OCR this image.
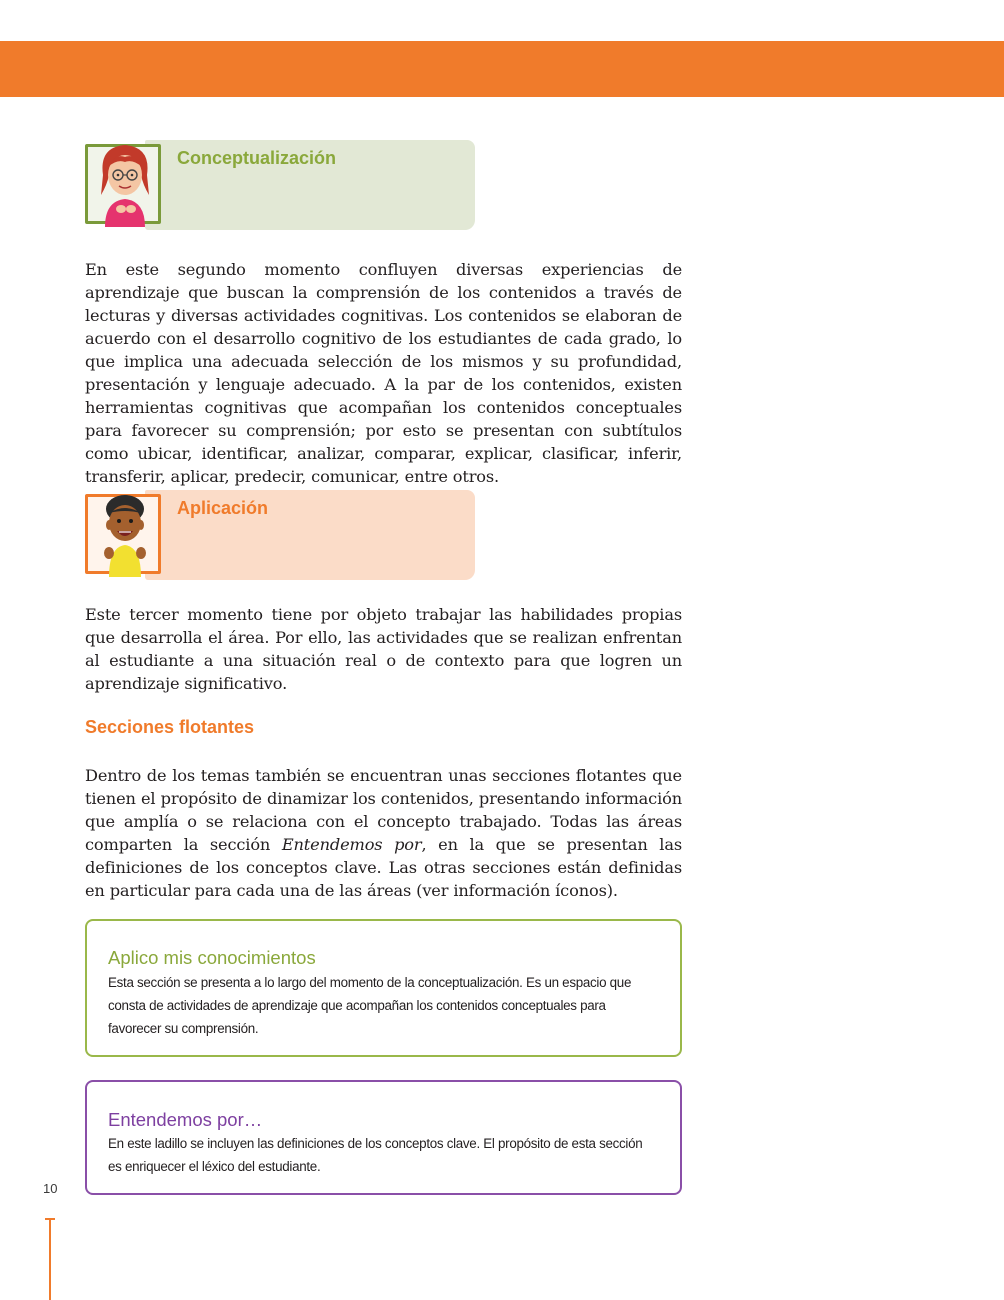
Conceptualización

En este segundo momento confluyen diversas experiencias de aprendizaje que buscan la comprensión de los contenidos a través de lecturas y diversas actividades cognitivas. Los contenidos se elaboran de acuerdo con el desarrollo cognitivo de los estudiantes de cada grado, lo que implica una adecuada selección de los mismos y su profundidad, presentación y lenguaje adecuado. A la par de los contenidos, existen herramientas cognitivas que acompañan los contenidos conceptuales para favorecer su comprensión; por esto se presentan con subtítulos como ubicar, identificar, analizar, comparar, explicar, clasificar, inferir, transferir, aplicar, predecir, comunicar, entre otros.

Aplicación

Este tercer momento tiene por objeto trabajar las habilidades propias que desarrolla el área. Por ello, las actividades que se realizan enfrentan al estudiante a una situación real o de contexto para que logren un aprendizaje significativo.

Secciones flotantes

Dentro de los temas también se encuentran unas secciones flotantes que tienen el propósito de dinamizar los contenidos, presentando información que amplía o se relaciona con el concepto trabajado. Todas las áreas comparten la sección Entendemos por, en la que se presentan las definiciones de los conceptos clave. Las otras secciones están definidas en particular para cada una de las áreas (ver información íconos).

Aplico mis conocimientos

Esta sección se presenta a lo largo del momento de la conceptualización. Es un espacio que consta de actividades de aprendizaje que acompañan los contenidos conceptuales para favorecer su comprensión.

Entendemos por…

En este ladillo se incluyen las definiciones de los conceptos clave. El propósito de esta sección es enriquecer el léxico del estudiante.

10
